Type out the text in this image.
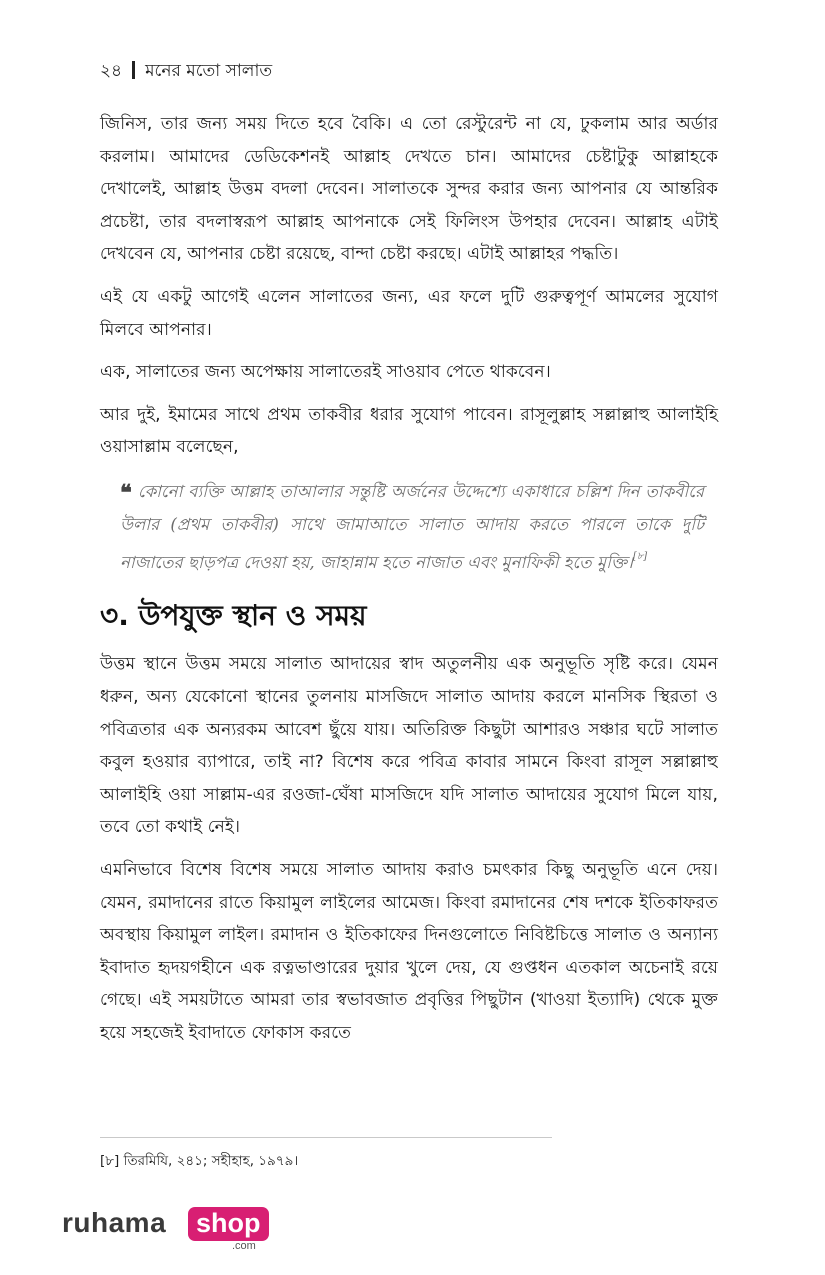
২৪ মনের মতো সালাত

জিনিস, তার জন্য সময় দিতে হবে বৈকি। এ তো রেস্টুরেন্ট না যে, ঢুকলাম আর অর্ডার করলাম। আমাদের ডেডিকেশনই আল্লাহ দেখতে চান। আমাদের চেষ্টাটুকু আল্লাহকে দেখালেই, আল্লাহ উত্তম বদলা দেবেন। সালাতকে সুন্দর করার জন্য আপনার যে আন্তরিক প্রচেষ্টা, তার বদলাস্বরূপ আল্লাহ আপনাকে সেই ফিলিংস উপহার দেবেন। আল্লাহ এটাই দেখবেন যে, আপনার চেষ্টা রয়েছে, বান্দা চেষ্টা করছে। এটাই আল্লাহর পদ্ধতি।

এই যে একটু আগেই এলেন সালাতের জন্য, এর ফলে দুটি গুরুত্বপূর্ণ আমলের সুযোগ মিলবে আপনার।

এক, সালাতের জন্য অপেক্ষায় সালাতেরই সাওয়াব পেতে থাকবেন।

আর দুই, ইমামের সাথে প্রথম তাকবীর ধরার সুযোগ পাবেন। রাসূলুল্লাহ সল্লাল্লাহু আলাইহি ওয়াসাল্লাম বলেছেন,

❝ কোনো ব্যক্তি আল্লাহ তাআলার সন্তুষ্টি অর্জনের উদ্দেশ্যে একাধারে চল্লিশ দিন তাকবীরে উলার (প্রথম তাকবীর) সাথে জামাআতে সালাত আদায় করতে পারলে তাকে দুটি নাজাতের ছাড়পত্র দেওয়া হয়, জাহান্নাম হতে নাজাত এবং মুনাফিকী হতে মুক্তি।[৮]
৩. উপযুক্ত স্থান ও সময়

উত্তম স্থানে উত্তম সময়ে সালাত আদায়ের স্বাদ অতুলনীয় এক অনুভূতি সৃষ্টি করে। যেমন ধরুন, অন্য যেকোনো স্থানের তুলনায় মাসজিদে সালাত আদায় করলে মানসিক স্থিরতা ও পবিত্রতার এক অন্যরকম আবেশ ছুঁয়ে যায়। অতিরিক্ত কিছুটা আশারও সঞ্চার ঘটে সালাত কবুল হওয়ার ব্যাপারে, তাই না? বিশেষ করে পবিত্র কাবার সামনে কিংবা রাসূল সল্লাল্লাহু আলাইহি ওয়া সাল্লাম-এর রওজা-ঘেঁষা মাসজিদে যদি সালাত আদায়ের সুযোগ মিলে যায়, তবে তো কথাই নেই।

এমনিভাবে বিশেষ বিশেষ সময়ে সালাত আদায় করাও চমৎকার কিছু অনুভূতি এনে দেয়। যেমন, রমাদানের রাতে কিয়ামুল লাইলের আমেজ। কিংবা রমাদানের শেষ দশকে ইতিকাফরত অবস্থায় কিয়ামুল লাইল। রমাদান ও ইতিকাফের দিনগুলোতে নিবিষ্টচিত্তে সালাত ও অন্যান্য ইবাদাত হৃদয়গহীনে এক রত্নভাণ্ডারের দুয়ার খুলে দেয়, যে গুপ্তধন এতকাল অচেনাই রয়ে গেছে। এই সময়টাতে আমরা তার স্বভাবজাত প্রবৃত্তির পিছুটান (খাওয়া ইত্যাদি) থেকে মুক্ত হয়ে সহজেই ইবাদাতে ফোকাস করতে

[৮] তিরমিযি, ২৪১; সহীহাহ, ১৯৭৯।
ruhama shop
.com
